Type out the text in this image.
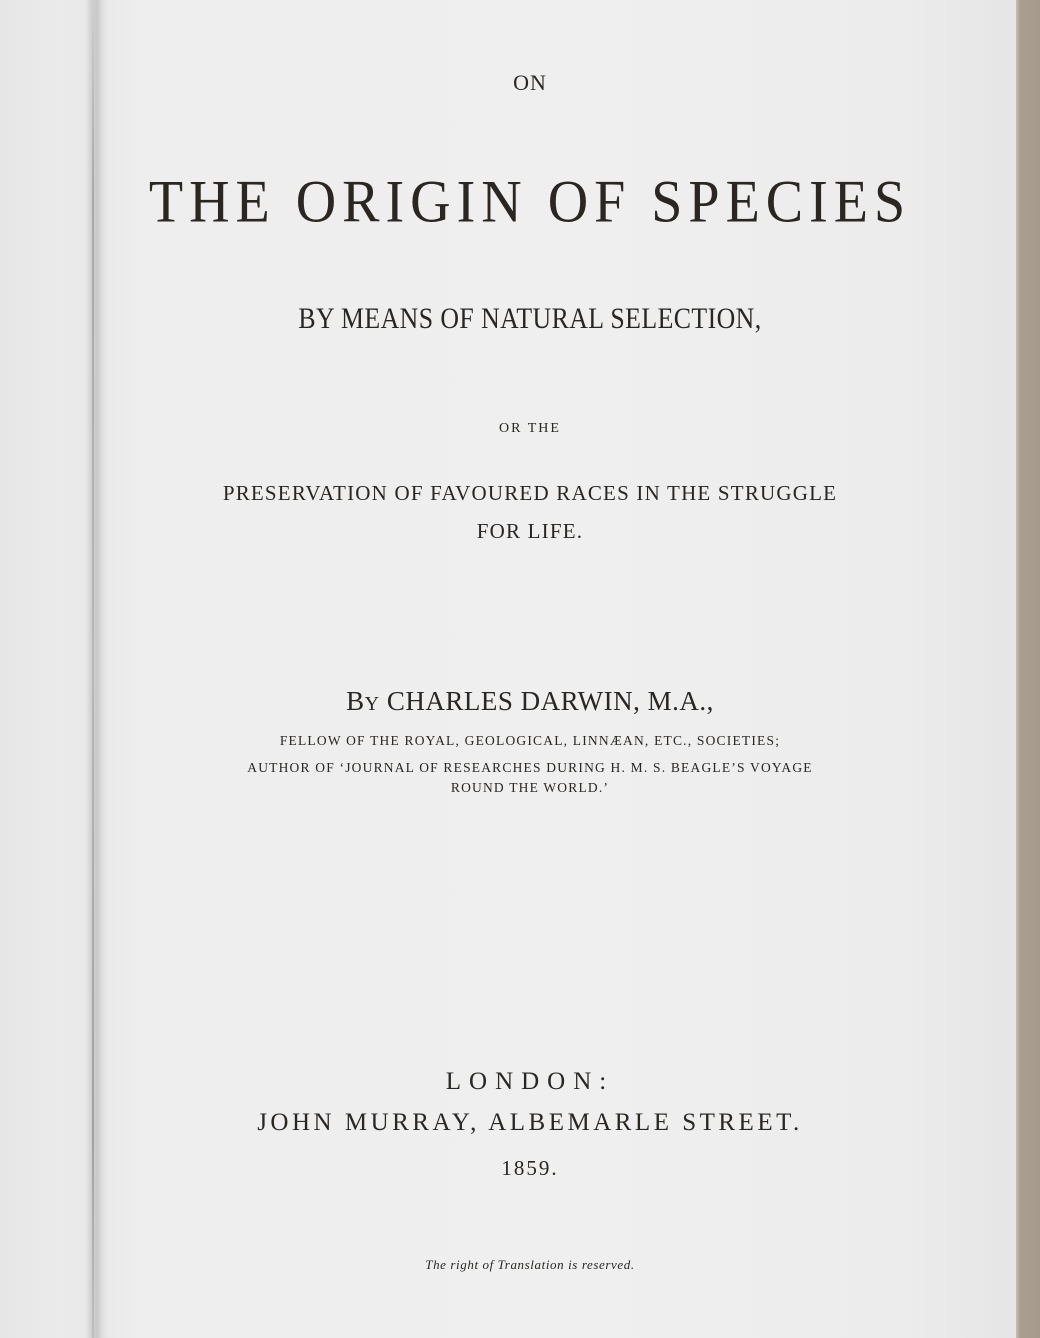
ON
THE ORIGIN OF SPECIES
BY MEANS OF NATURAL SELECTION,
OR THE
PRESERVATION OF FAVOURED RACES IN THE STRUGGLE
FOR LIFE.
BY CHARLES DARWIN, M.A.,
FELLOW OF THE ROYAL, GEOLOGICAL, LINNÆAN, ETC., SOCIETIES;
AUTHOR OF ‘JOURNAL OF RESEARCHES DURING H. M. S. BEAGLE’S VOYAGE
ROUND THE WORLD.’
LONDON:
JOHN MURRAY, ALBEMARLE STREET.
1859.
The right of Translation is reserved.
